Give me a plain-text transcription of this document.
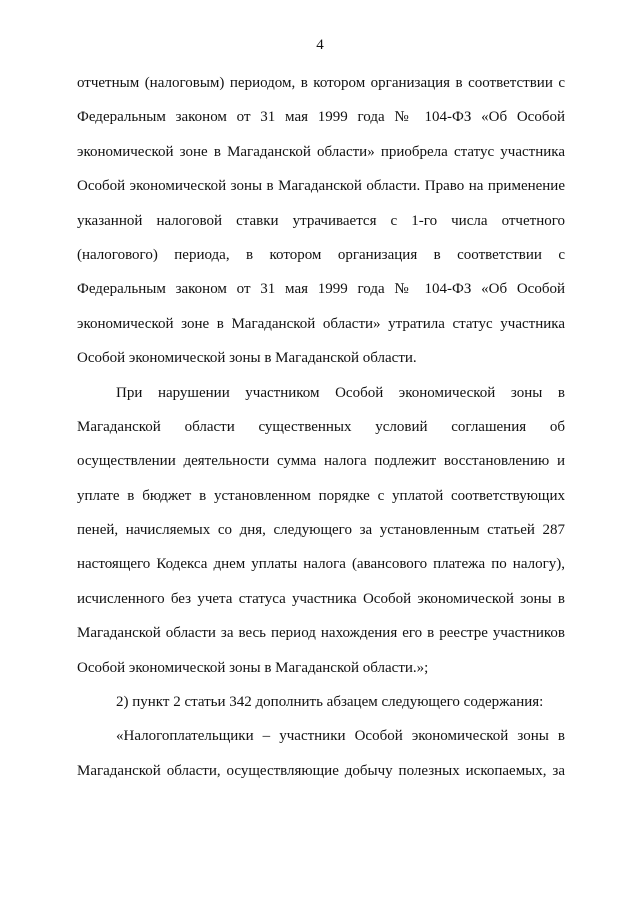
4
отчетным (налоговым) периодом, в котором организация в соответствии с
Федеральным законом от 31 мая 1999 года № 104-ФЗ «Об Особой
экономической зоне в Магаданской области» приобрела статус участника
Особой экономической зоны в Магаданской области. Право на применение
указанной налоговой ставки утрачивается с 1-го числа отчетного
(налогового) периода, в котором организация в соответствии с
Федеральным законом от 31 мая 1999 года № 104-ФЗ «Об Особой
экономической зоне в Магаданской области» утратила статус участника
Особой экономической зоны в Магаданской области.
При нарушении участником Особой экономической зоны в
Магаданской области существенных условий соглашения об
осуществлении деятельности сумма налога подлежит восстановлению и
уплате в бюджет в установленном порядке с уплатой соответствующих
пеней, начисляемых со дня, следующего за установленным статьей 287
настоящего Кодекса днем уплаты налога (авансового платежа по налогу),
исчисленного без учета статуса участника Особой экономической зоны в
Магаданской области за весь период нахождения его в реестре участников
Особой экономической зоны в Магаданской области.»;
2) пункт 2 статьи 342 дополнить абзацем следующего содержания:
«Налогоплательщики – участники Особой экономической зоны в
Магаданской области, осуществляющие добычу полезных ископаемых, за
